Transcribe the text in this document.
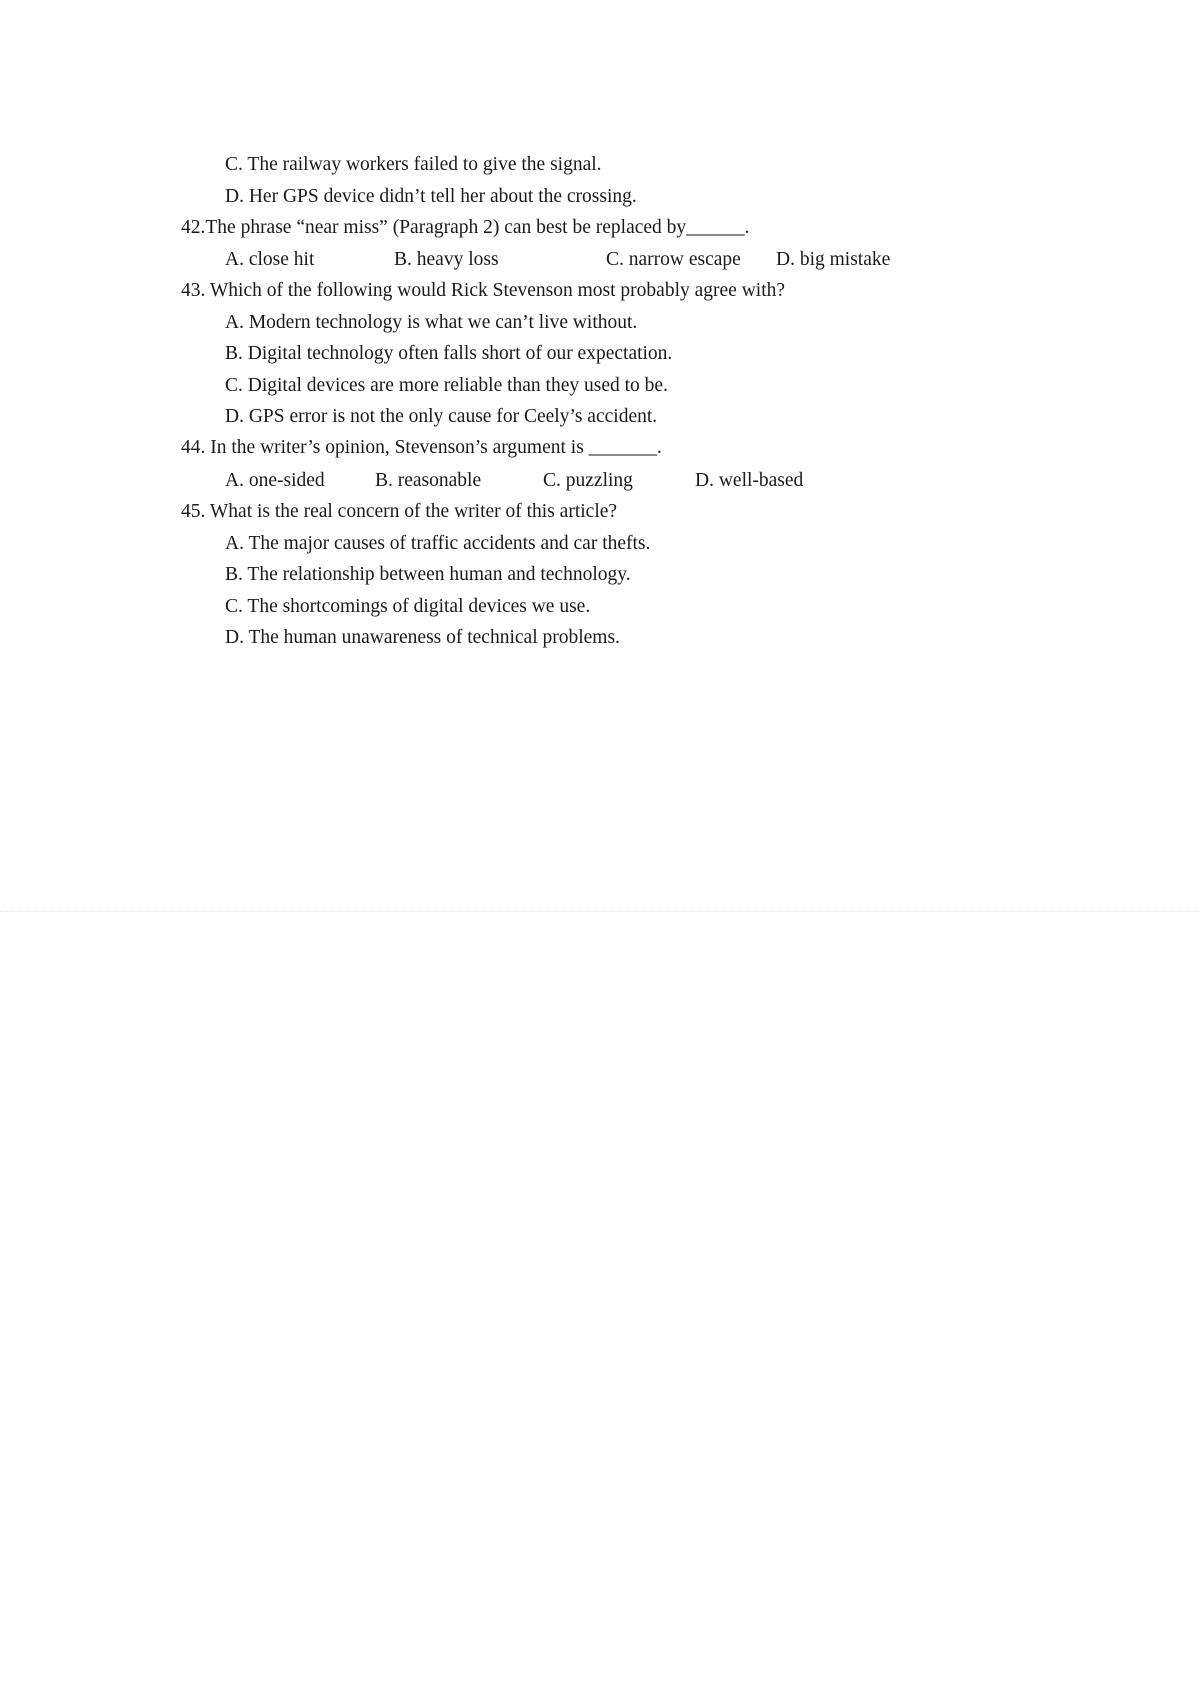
C. The railway workers failed to give the signal.
D. Her GPS device didn’t tell her about the crossing.
42.The phrase “near miss” (Paragraph 2) can best be replaced by______.
A. close hit	B. heavy loss	C. narrow escape D. big mistake
43. Which of the following would Rick Stevenson most probably agree with?
A. Modern technology is what we can’t live without.
B. Digital technology often falls short of our expectation.
C. Digital devices are more reliable than they used to be.
D. GPS error is not the only cause for Ceely’s accident.
44. In the writer’s opinion, Stevenson’s argument is _______.
A. one-sided	B. reasonable	C. puzzling	D. well-based
45. What is the real concern of the writer of this article?
A. The major causes of traffic accidents and car thefts.
B. The relationship between human and technology.
C. The shortcomings of digital devices we use.
D. The human unawareness of technical problems.
